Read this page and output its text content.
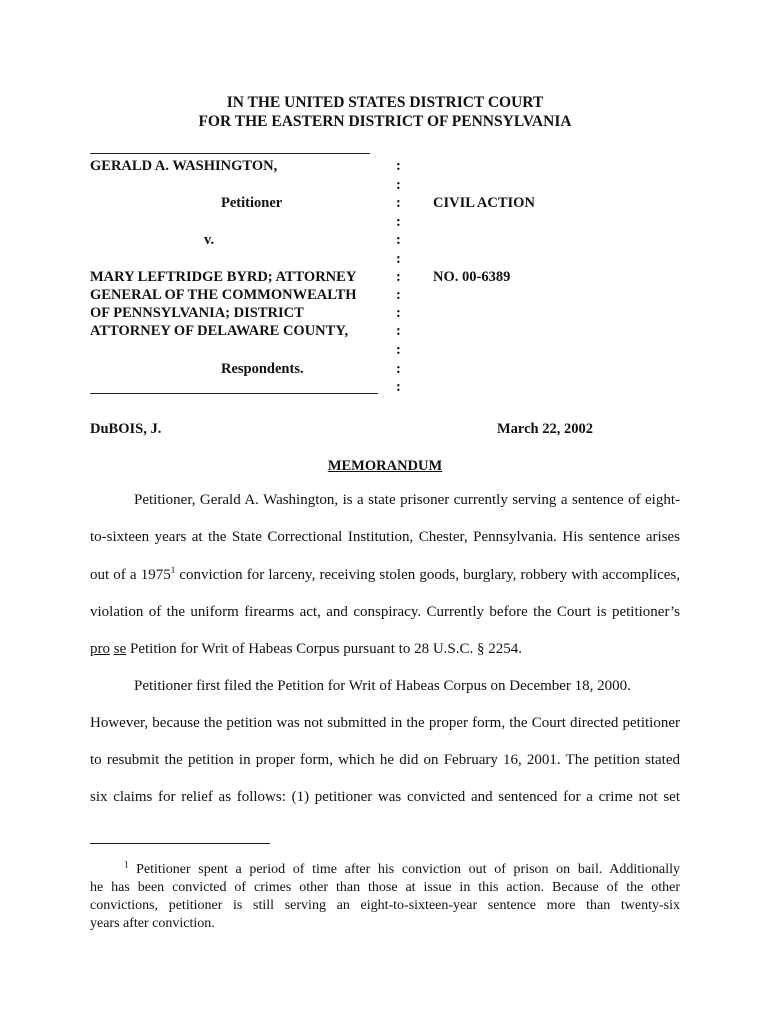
IN THE UNITED STATES DISTRICT COURT
FOR THE EASTERN DISTRICT OF PENNSYLVANIA
GERALD A. WASHINGTON,
Petitioner
v.
MARY LEFTRIDGE BYRD; ATTORNEY
GENERAL OF THE COMMONWEALTH
OF PENNSYLVANIA; DISTRICT
ATTORNEY OF DELAWARE COUNTY,
Respondents.
:
:
:
:
:
:
:
:
:
:
:
:
:
CIVIL ACTION
NO. 00-6389
DuBOIS, J.	March 22, 2002
MEMORANDUM
Petitioner, Gerald A. Washington, is a state prisoner currently serving a sentence of eight-
to-sixteen years at the State Correctional Institution, Chester, Pennsylvania. His sentence arises
out of a 1975$^1$ conviction for larceny, receiving stolen goods, burglary, robbery with accomplices,
violation of the uniform firearms act, and conspiracy. Currently before the Court is petitioner’s
pro se Petition for Writ of Habeas Corpus pursuant to 28 U.S.C. § 2254.
Petitioner first filed the Petition for Writ of Habeas Corpus on December 18, 2000.
However, because the petition was not submitted in the proper form, the Court directed petitioner
to resubmit the petition in proper form, which he did on February 16, 2001. The petition stated
six claims for relief as follows: (1) petitioner was convicted and sentenced for a crime not set
$^1$ Petitioner spent a period of time after his conviction out of prison on bail. Additionally
he has been convicted of crimes other than those at issue in this action. Because of the other
convictions, petitioner is still serving an eight-to-sixteen-year sentence more than twenty-six
years after conviction.
